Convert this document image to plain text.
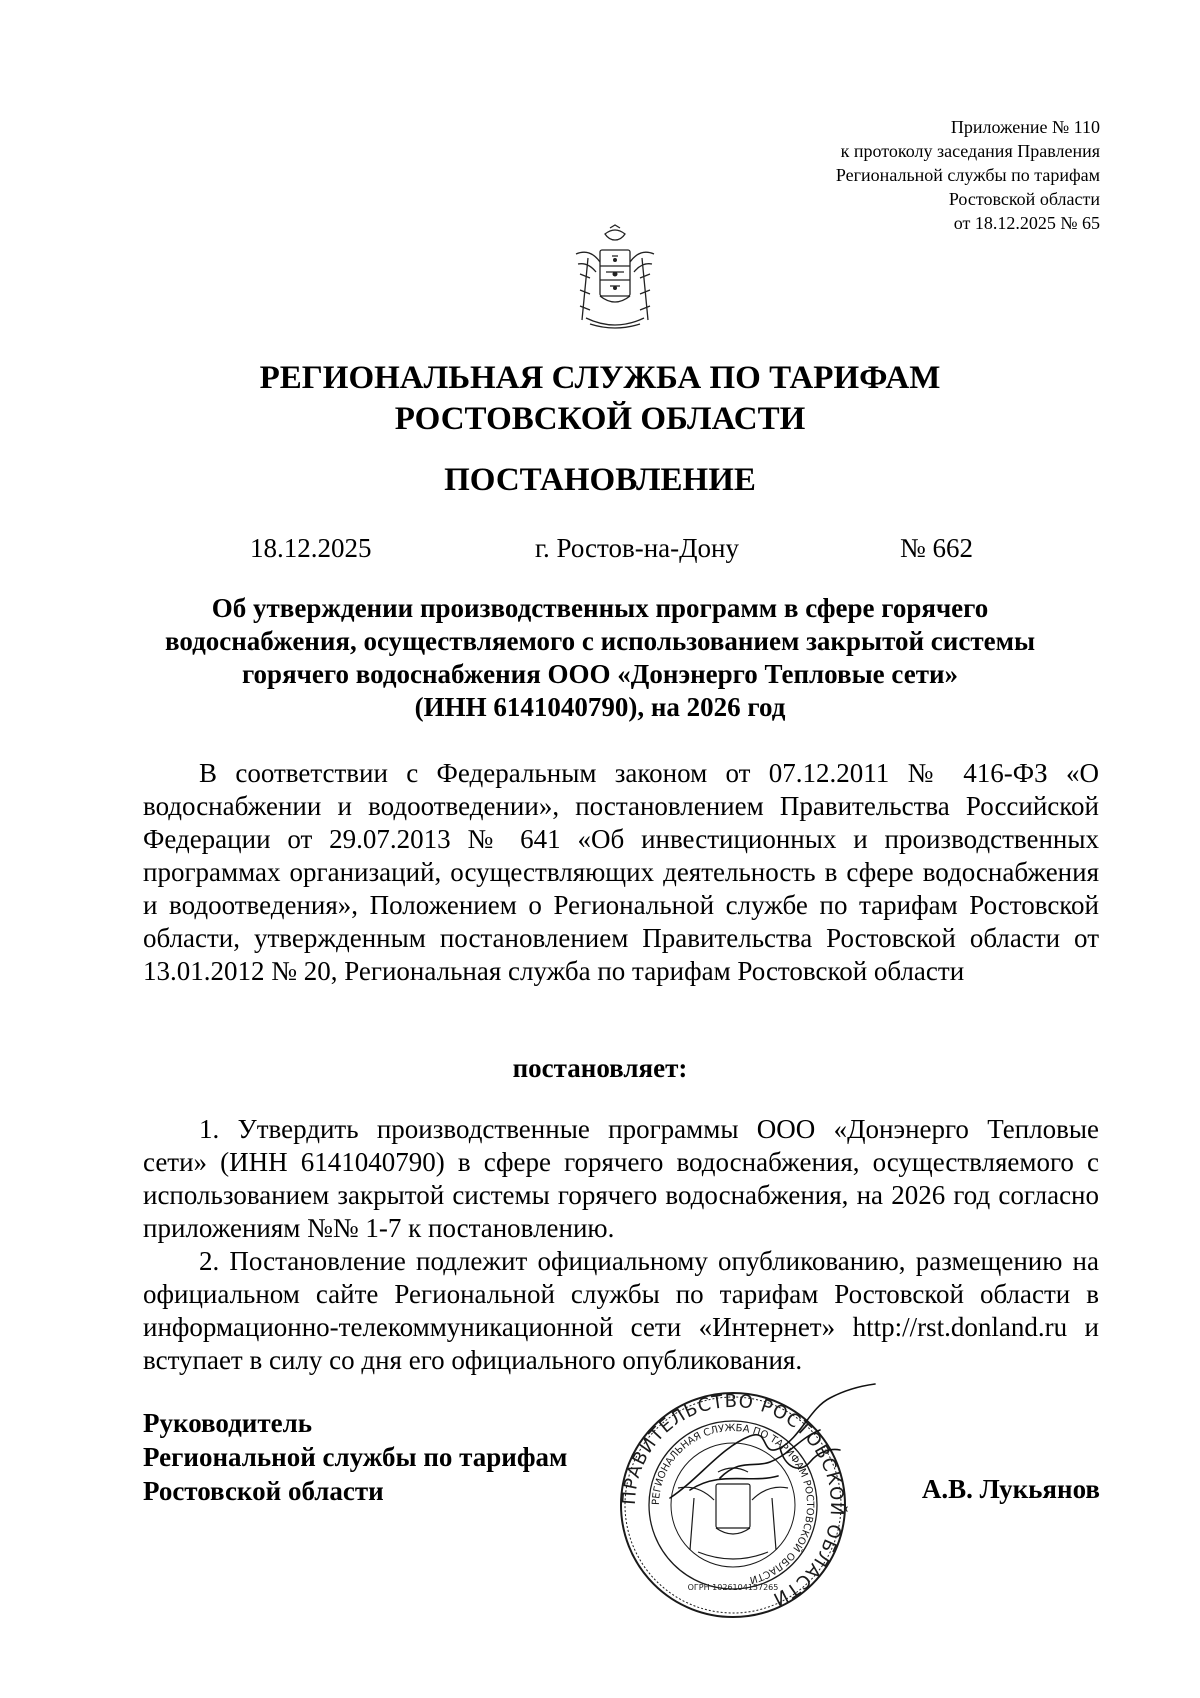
Приложение № 110
к протоколу заседания Правления
Региональной службы по тарифам
Ростовской области
от 18.12.2025 № 65
РЕГИОНАЛЬНАЯ СЛУЖБА ПО ТАРИФАМ
РОСТОВСКОЙ ОБЛАСТИ
ПОСТАНОВЛЕНИЕ
18.12.2025	г. Ростов-на-Дону	№ 662
Об утверждении производственных программ в сфере горячего
водоснабжения, осуществляемого с использованием закрытой системы
горячего водоснабжения ООО «Донэнерго Тепловые сети»
(ИНН 6141040790), на 2026 год
В соответствии с Федеральным законом от 07.12.2011 № 416-ФЗ «О водоснабжении и водоотведении», постановлением Правительства Российской Федерации от 29.07.2013 № 641 «Об инвестиционных и производственных программах организаций, осуществляющих деятельность в сфере водоснабжения и водоотведения», Положением о Региональной службе по тарифам Ростовской области, утвержденным постановлением Правительства Ростовской области от 13.01.2012 № 20, Региональная служба по тарифам Ростовской области
постановляет:

1. Утвердить производственные программы ООО «Донэнерго Тепловые сети» (ИНН 6141040790) в сфере горячего водоснабжения, осуществляемого с использованием закрытой системы горячего водоснабжения, на 2026 год согласно приложениям №№ 1-7 к постановлению.

2. Постановление подлежит официальному опубликованию, размещению на официальном сайте Региональной службы по тарифам Ростовской области в информационно-телекоммуникационной сети «Интернет» http://rst.donland.ru и вступает в силу со дня его официального опубликования.

Руководитель
Региональной службы по тарифам
Ростовской области	ПРАВИТЕЛЬСТВО РОСТОВСКОЙ ОБЛАСТИ
РЕГИОНАЛЬНАЯ СЛУЖБА ПО ТАРИФАМ РОСТОВСКОЙ ОБЛАСТИ
ОГРН 1026104157265
А.В. Лукьянов
